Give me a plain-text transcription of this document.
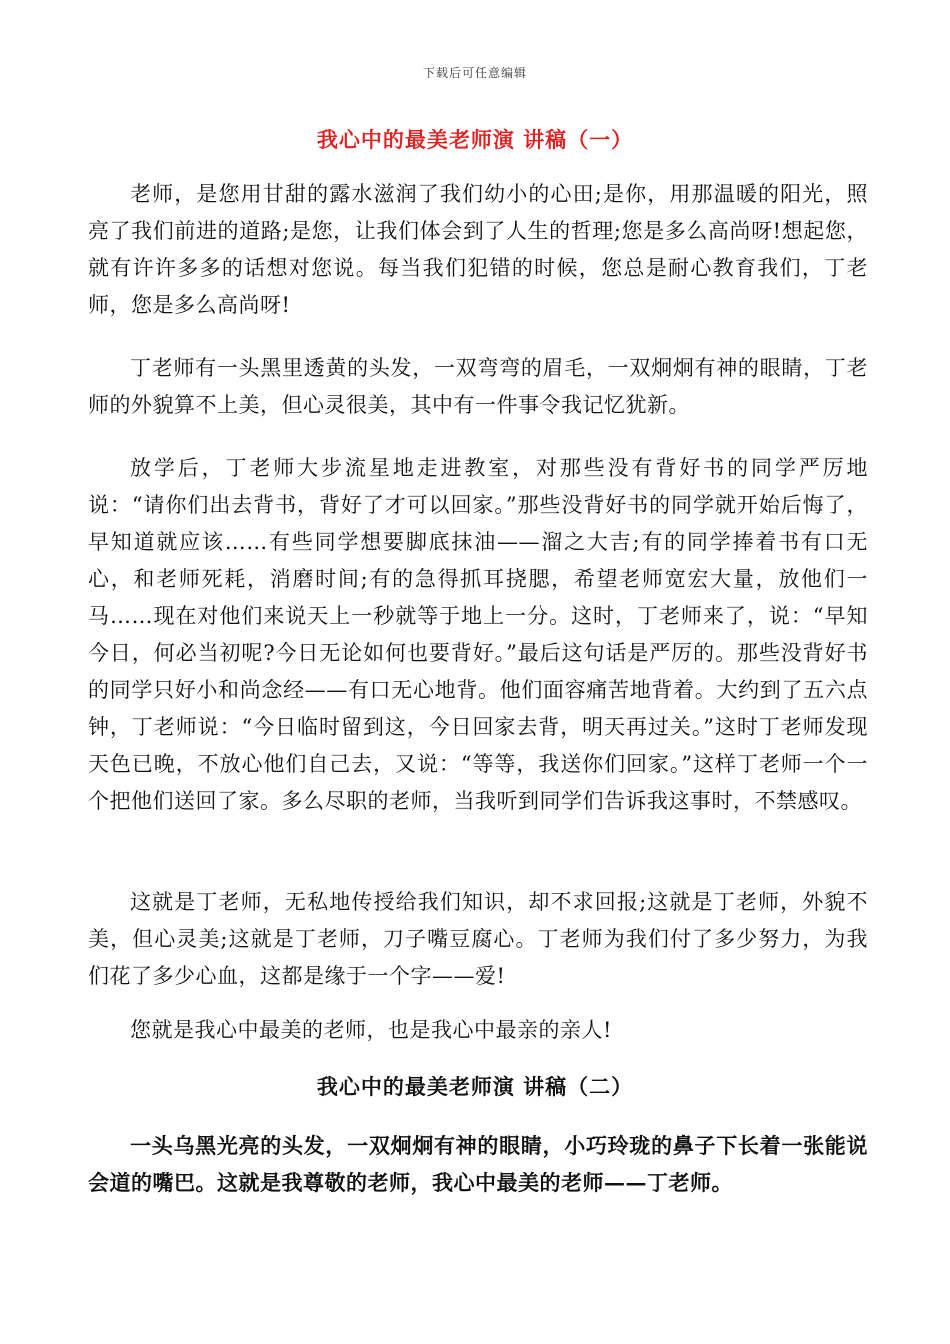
下载后可任意编辑
我心中的最美老师演 讲稿（一）

老师，是您用甘甜的露水滋润了我们幼小的心田;是你，用那温暖的阳光，照亮了我们前进的道路;是您，让我们体会到了人生的哲理;您是多么高尚呀!想起您，就有许许多多的话想对您说。每当我们犯错的时候，您总是耐心教育我们，丁老师，您是多么高尚呀!

丁老师有一头黑里透黄的头发，一双弯弯的眉毛，一双炯炯有神的眼睛，丁老师的外貌算不上美，但心灵很美，其中有一件事令我记忆犹新。

放学后，丁老师大步流星地走进教室，对那些没有背好书的同学严厉地说：“请你们出去背书，背好了才可以回家。”那些没背好书的同学就开始后悔了，早知道就应该……有些同学想要脚底抹油——溜之大吉;有的同学捧着书有口无心，和老师死耗，消磨时间;有的急得抓耳挠腮，希望老师宽宏大量，放他们一马……现在对他们来说天上一秒就等于地上一分。这时，丁老师来了，说：“早知今日，何必当初呢?今日无论如何也要背好。”最后这句话是严厉的。那些没背好书的同学只好小和尚念经——有口无心地背。他们面容痛苦地背着。大约到了五六点钟，丁老师说：“今日临时留到这，今日回家去背，明天再过关。”这时丁老师发现天色已晚，不放心他们自己去，又说：“等等，我送你们回家。”这样丁老师一个一个把他们送回了家。多么尽职的老师，当我听到同学们告诉我这事时，不禁感叹。

这就是丁老师，无私地传授给我们知识，却不求回报;这就是丁老师，外貌不美，但心灵美;这就是丁老师，刀子嘴豆腐心。丁老师为我们付了多少努力，为我们花了多少心血，这都是缘于一个字——爱!

您就是我心中最美的老师，也是我心中最亲的亲人!

我心中的最美老师演 讲稿（二）

一头乌黑光亮的头发，一双炯炯有神的眼睛，小巧玲珑的鼻子下长着一张能说会道的嘴巴。这就是我尊敬的老师，我心中最美的老师——丁老师。
